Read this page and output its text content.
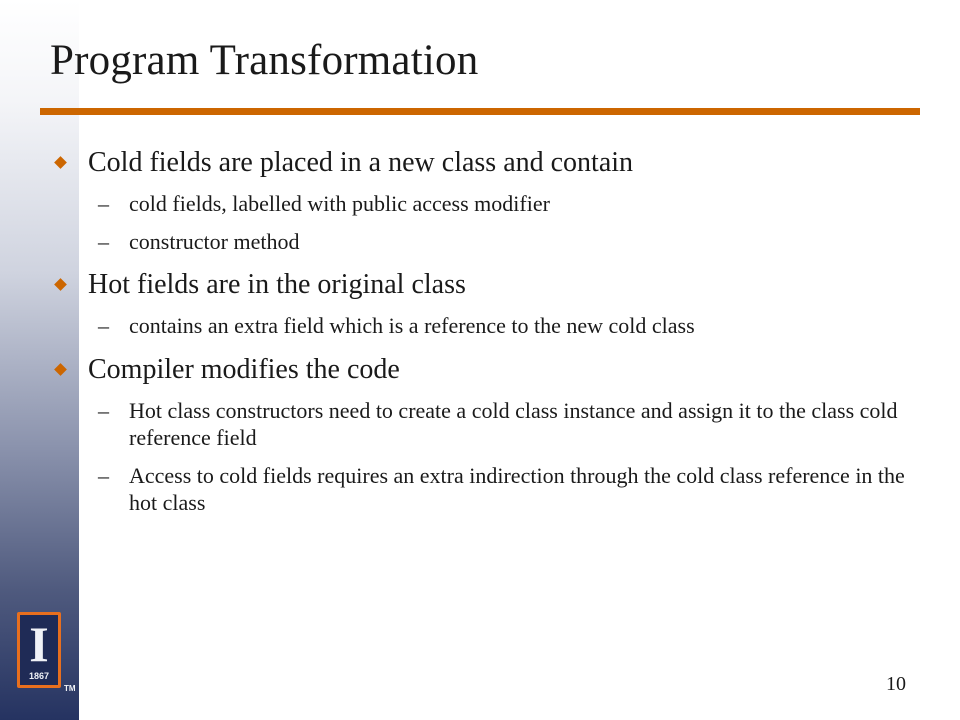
Program Transformation
Cold fields are placed in a new class and contain
– cold fields, labelled with public access modifier
– constructor method
Hot fields are in the original class
– contains an extra field which is a reference to the new cold class
Compiler modifies the code
– Hot class constructors need to create a cold class instance and assign it to the class cold reference field
– Access to cold fields requires an extra indirection through the cold class reference in the hot class
I
1867
TM	10
